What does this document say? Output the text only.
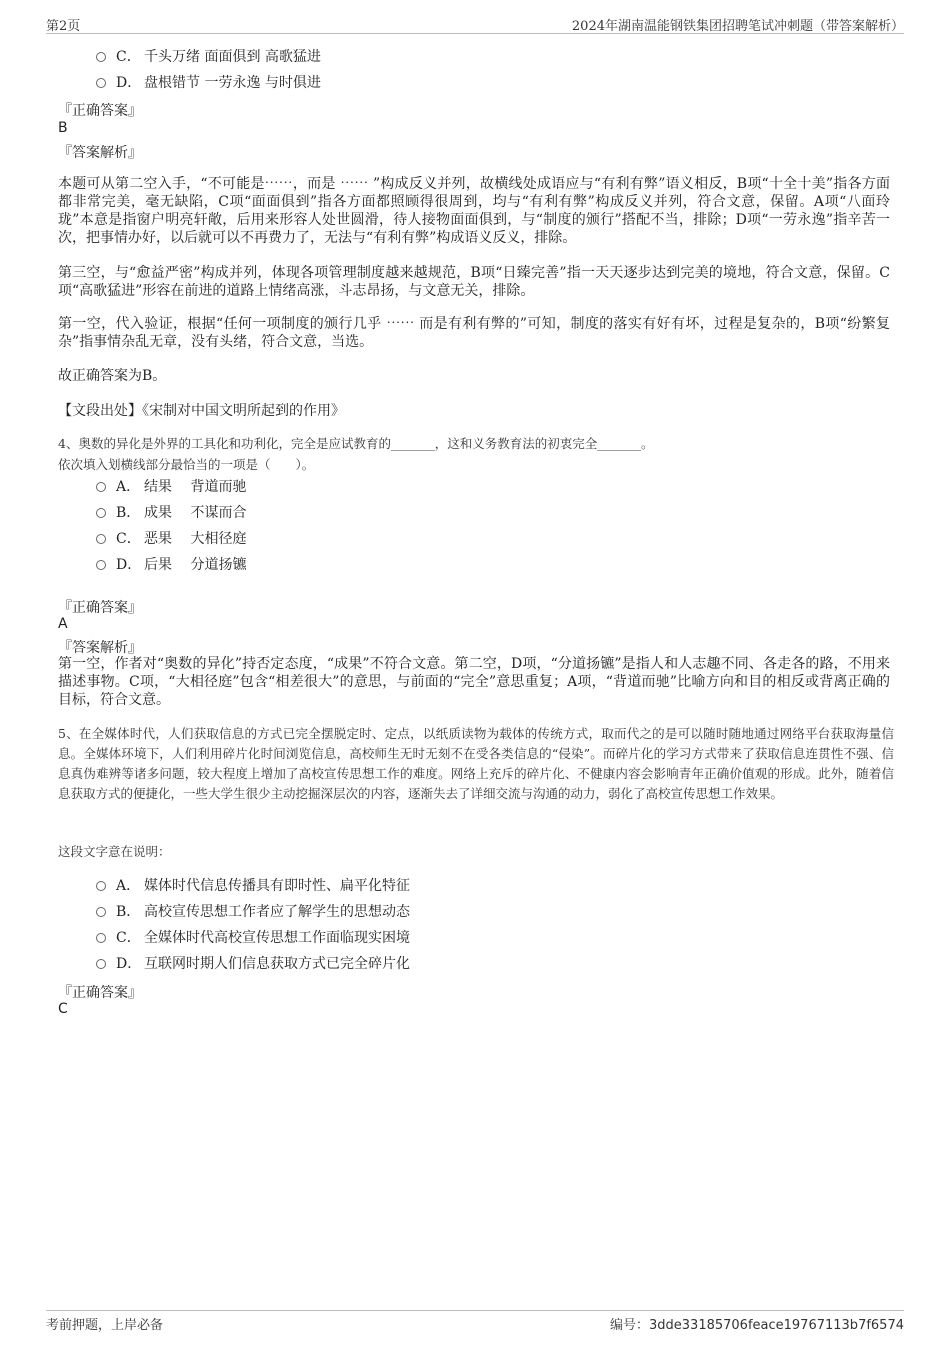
第2页	2024年湖南温能钢铁集团招聘笔试冲刺题（带答案解析）
C． 千头万绪 面面俱到 高歌猛进
D． 盘根错节 一劳永逸 与时俱进
『正确答案』
B
『答案解析』

本题可从第二空入手，“不可能是⋯⋯，而是 ⋯⋯ ”构成反义并列，故横线处成语应与“有利有弊”语义相反，B项“十全十美”指各方面都非常完美，毫无缺陷，C项“面面俱到”指各方面都照顾得很周到，均与“有利有弊”构成反义并列，符合文意，保留。A项“八面玲珑”本意是指窗户明亮轩敞，后用来形容人处世圆滑，待人接物面面俱到，与“制度的颁行”搭配不当，排除；D项“一劳永逸”指辛苦一次，把事情办好，以后就可以不再费力了，无法与“有利有弊”构成语义反义，排除。

第三空，与“愈益严密”构成并列，体现各项管理制度越来越规范，B项“日臻完善”指一天天逐步达到完美的境地，符合文意，保留。C项“高歌猛进”形容在前进的道路上情绪高涨，斗志昂扬，与文意无关，排除。

第一空，代入验证，根据“任何一项制度的颁行几乎 ⋯⋯ 而是有利有弊的”可知，制度的落实有好有坏，过程是复杂的，B项“纷繁复杂”指事情杂乱无章，没有头绪，符合文意，当选。

故正确答案为B。

【文段出处】《宋制对中国文明所起到的作用》

4、奥数的异化是外界的工具化和功利化，完全是应试教育的_______，这和义务教育法的初衷完全_______。

依次填入划横线部分最恰当的一项是（　　）。
A． 结果　 背道而驰
B． 成果　 不谋而合
C． 恶果　 大相径庭
D． 后果　 分道扬镳
『正确答案』
A
『答案解析』

第一空，作者对“奥数的异化”持否定态度，“成果”不符合文意。第二空，D项，“分道扬镳”是指人和人志趣不同、各走各的路，不用来描述事物。C项，“大相径庭”包含“相差很大”的意思，与前面的“完全”意思重复；A项，“背道而驰”比喻方向和目的相反或背离正确的目标，符合文意。

5、在全媒体时代，人们获取信息的方式已完全摆脱定时、定点，以纸质读物为载体的传统方式，取而代之的是可以随时随地通过网络平台获取海量信息。全媒体环境下，人们利用碎片化时间浏览信息，高校师生无时无刻不在受各类信息的“侵染”。而碎片化的学习方式带来了获取信息连贯性不强、信息真伪难辨等诸多问题，较大程度上增加了高校宣传思想工作的难度。网络上充斥的碎片化、不健康内容会影响青年正确价值观的形成。此外，随着信息获取方式的便捷化，一些大学生很少主动挖掘深层次的内容，逐渐失去了详细交流与沟通的动力，弱化了高校宣传思想工作效果。

这段文字意在说明：
A． 媒体时代信息传播具有即时性、扁平化特征
B． 高校宣传思想工作者应了解学生的思想动态
C． 全媒体时代高校宣传思想工作面临现实困境
D． 互联网时期人们信息获取方式已完全碎片化
『正确答案』
C
考前押题，上岸必备	编号：3dde33185706feace19767113b7f6574
